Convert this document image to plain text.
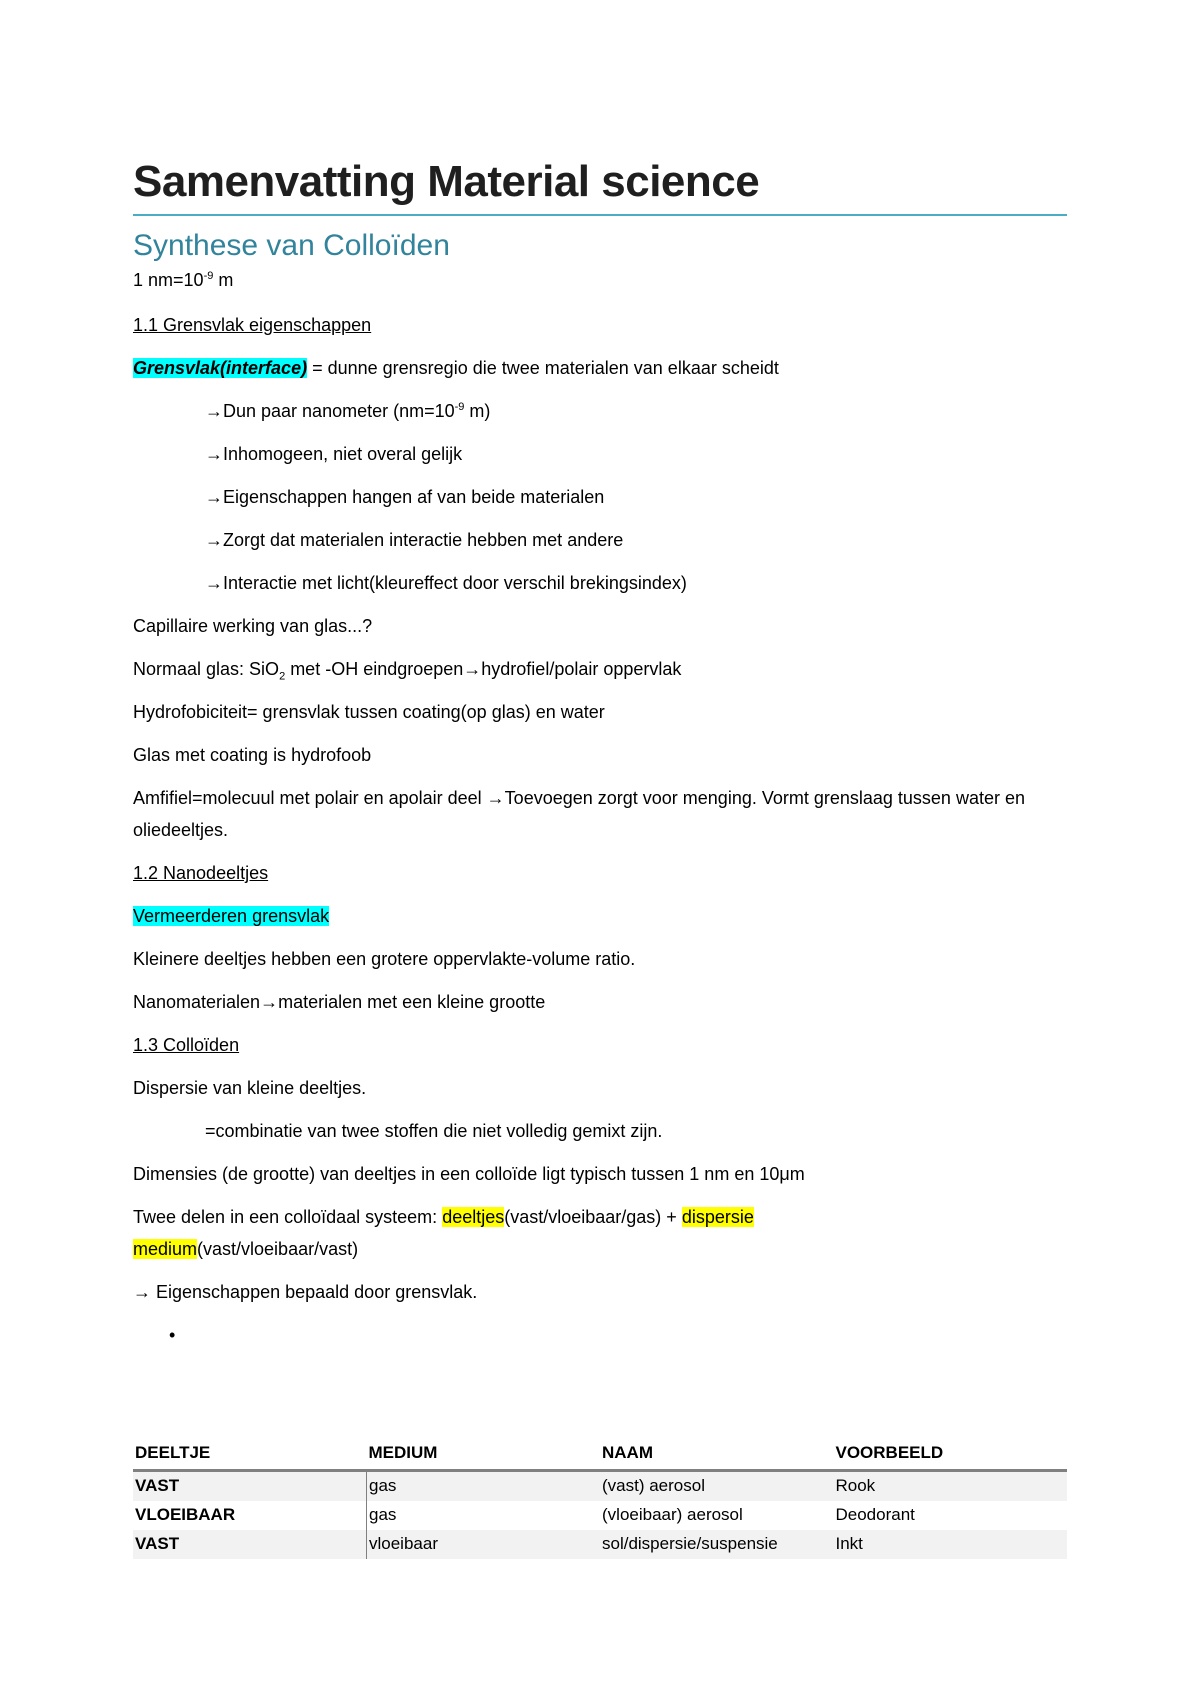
Samenvatting Material science
Synthese van Colloïden

1 $nm=10^{-9}$ m

1.1 Grensvlak eigenschappen

Grensvlak(interface) = dunne grensregio die twee materialen van elkaar scheidt

→Dun paar nanometer ($nm=10^{-9}$ m)

→Inhomogeen, niet overal gelijk

→Eigenschappen hangen af van beide materialen

→Zorgt dat materialen interactie hebben met andere

→Interactie met licht(kleureffect door verschil brekingsindex)

Capillaire werking van glas...?

Normaal glas: SiO$_2$ met -OH eindgroepen→hydrofiel/polair oppervlak

Hydrofobiciteit= grensvlak tussen coating(op glas) en water

Glas met coating is hydrofoob

Amfifiel=molecuul met polair en apolair deel →Toevoegen zorgt voor menging. Vormt grenslaag tussen water en oliedeeltjes.

1.2 Nanodeeltjes

Vermeerderen grensvlak

Kleinere deeltjes hebben een grotere oppervlakte-volume ratio.

Nanomaterialen→materialen met een kleine grootte

1.3 Colloïden

Dispersie van kleine deeltjes.

=combinatie van twee stoffen die niet volledig gemixt zijn.

Dimensies (de grootte) van deeltjes in een colloïde ligt typisch tussen 1 nm en 10μm

Twee delen in een colloïdaal systeem: deeltjes(vast/vloeibaar/gas) + dispersie
medium(vast/vloeibaar/vast)

→ Eigenschappen bepaald door grensvlak.

•

DEELTJE	MEDIUM	NAAM	VOORBEELD
VAST	gas	(vast) aerosol	Rook
VLOEIBAAR	gas	(vloeibaar) aerosol	Deodorant
VAST	vloeibaar	sol/dispersie/suspensie	Inkt
